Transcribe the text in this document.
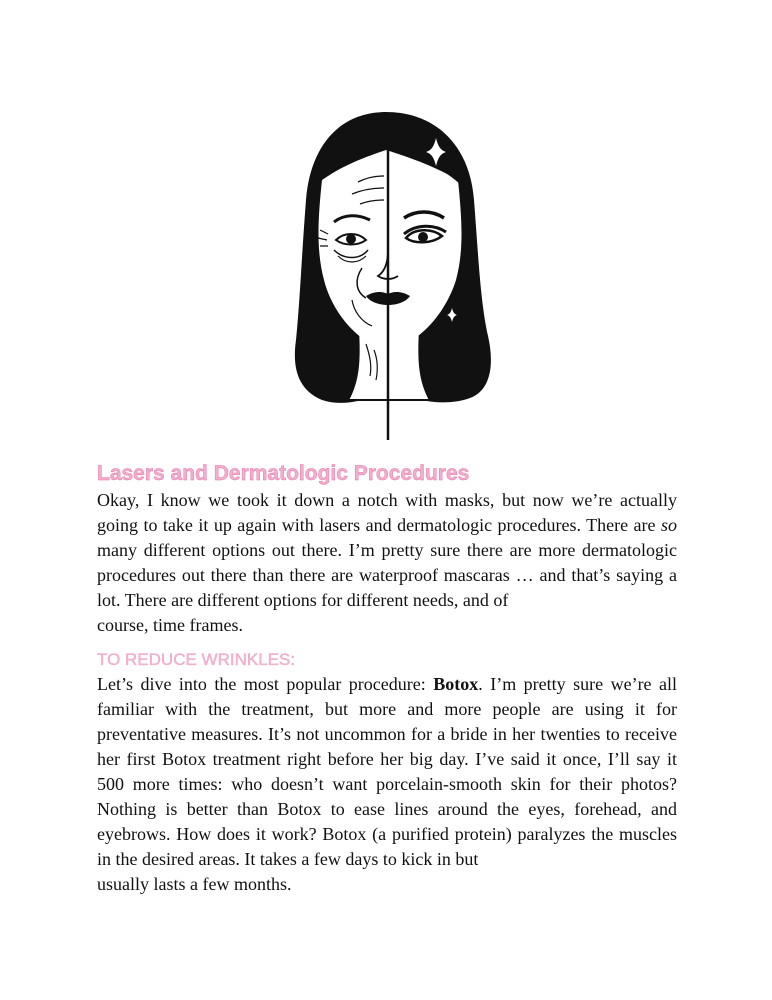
Lasers and Dermatologic Procedures

Okay, I know we took it down a notch with masks, but now we’re actually going to take it up again with lasers and dermatologic procedures. There are so many different options out there. I’m pretty sure there are more dermatologic procedures out there than there are waterproof mascaras … and that’s saying a lot. There are different options for different needs, and of
course, time frames.

TO REDUCE WRINKLES:

Let’s dive into the most popular procedure: Botox. I’m pretty sure we’re all familiar with the treatment, but more and more people are using it for preventative measures. It’s not uncommon for a bride in her twenties to receive her first Botox treatment right before her big day. I’ve said it once, I’ll say it 500 more times: who doesn’t want porcelain-smooth skin for their photos? Nothing is better than Botox to ease lines around the eyes, forehead, and eyebrows. How does it work? Botox (a purified protein) paralyzes the muscles in the desired areas. It takes a few days to kick in but
usually lasts a few months.
